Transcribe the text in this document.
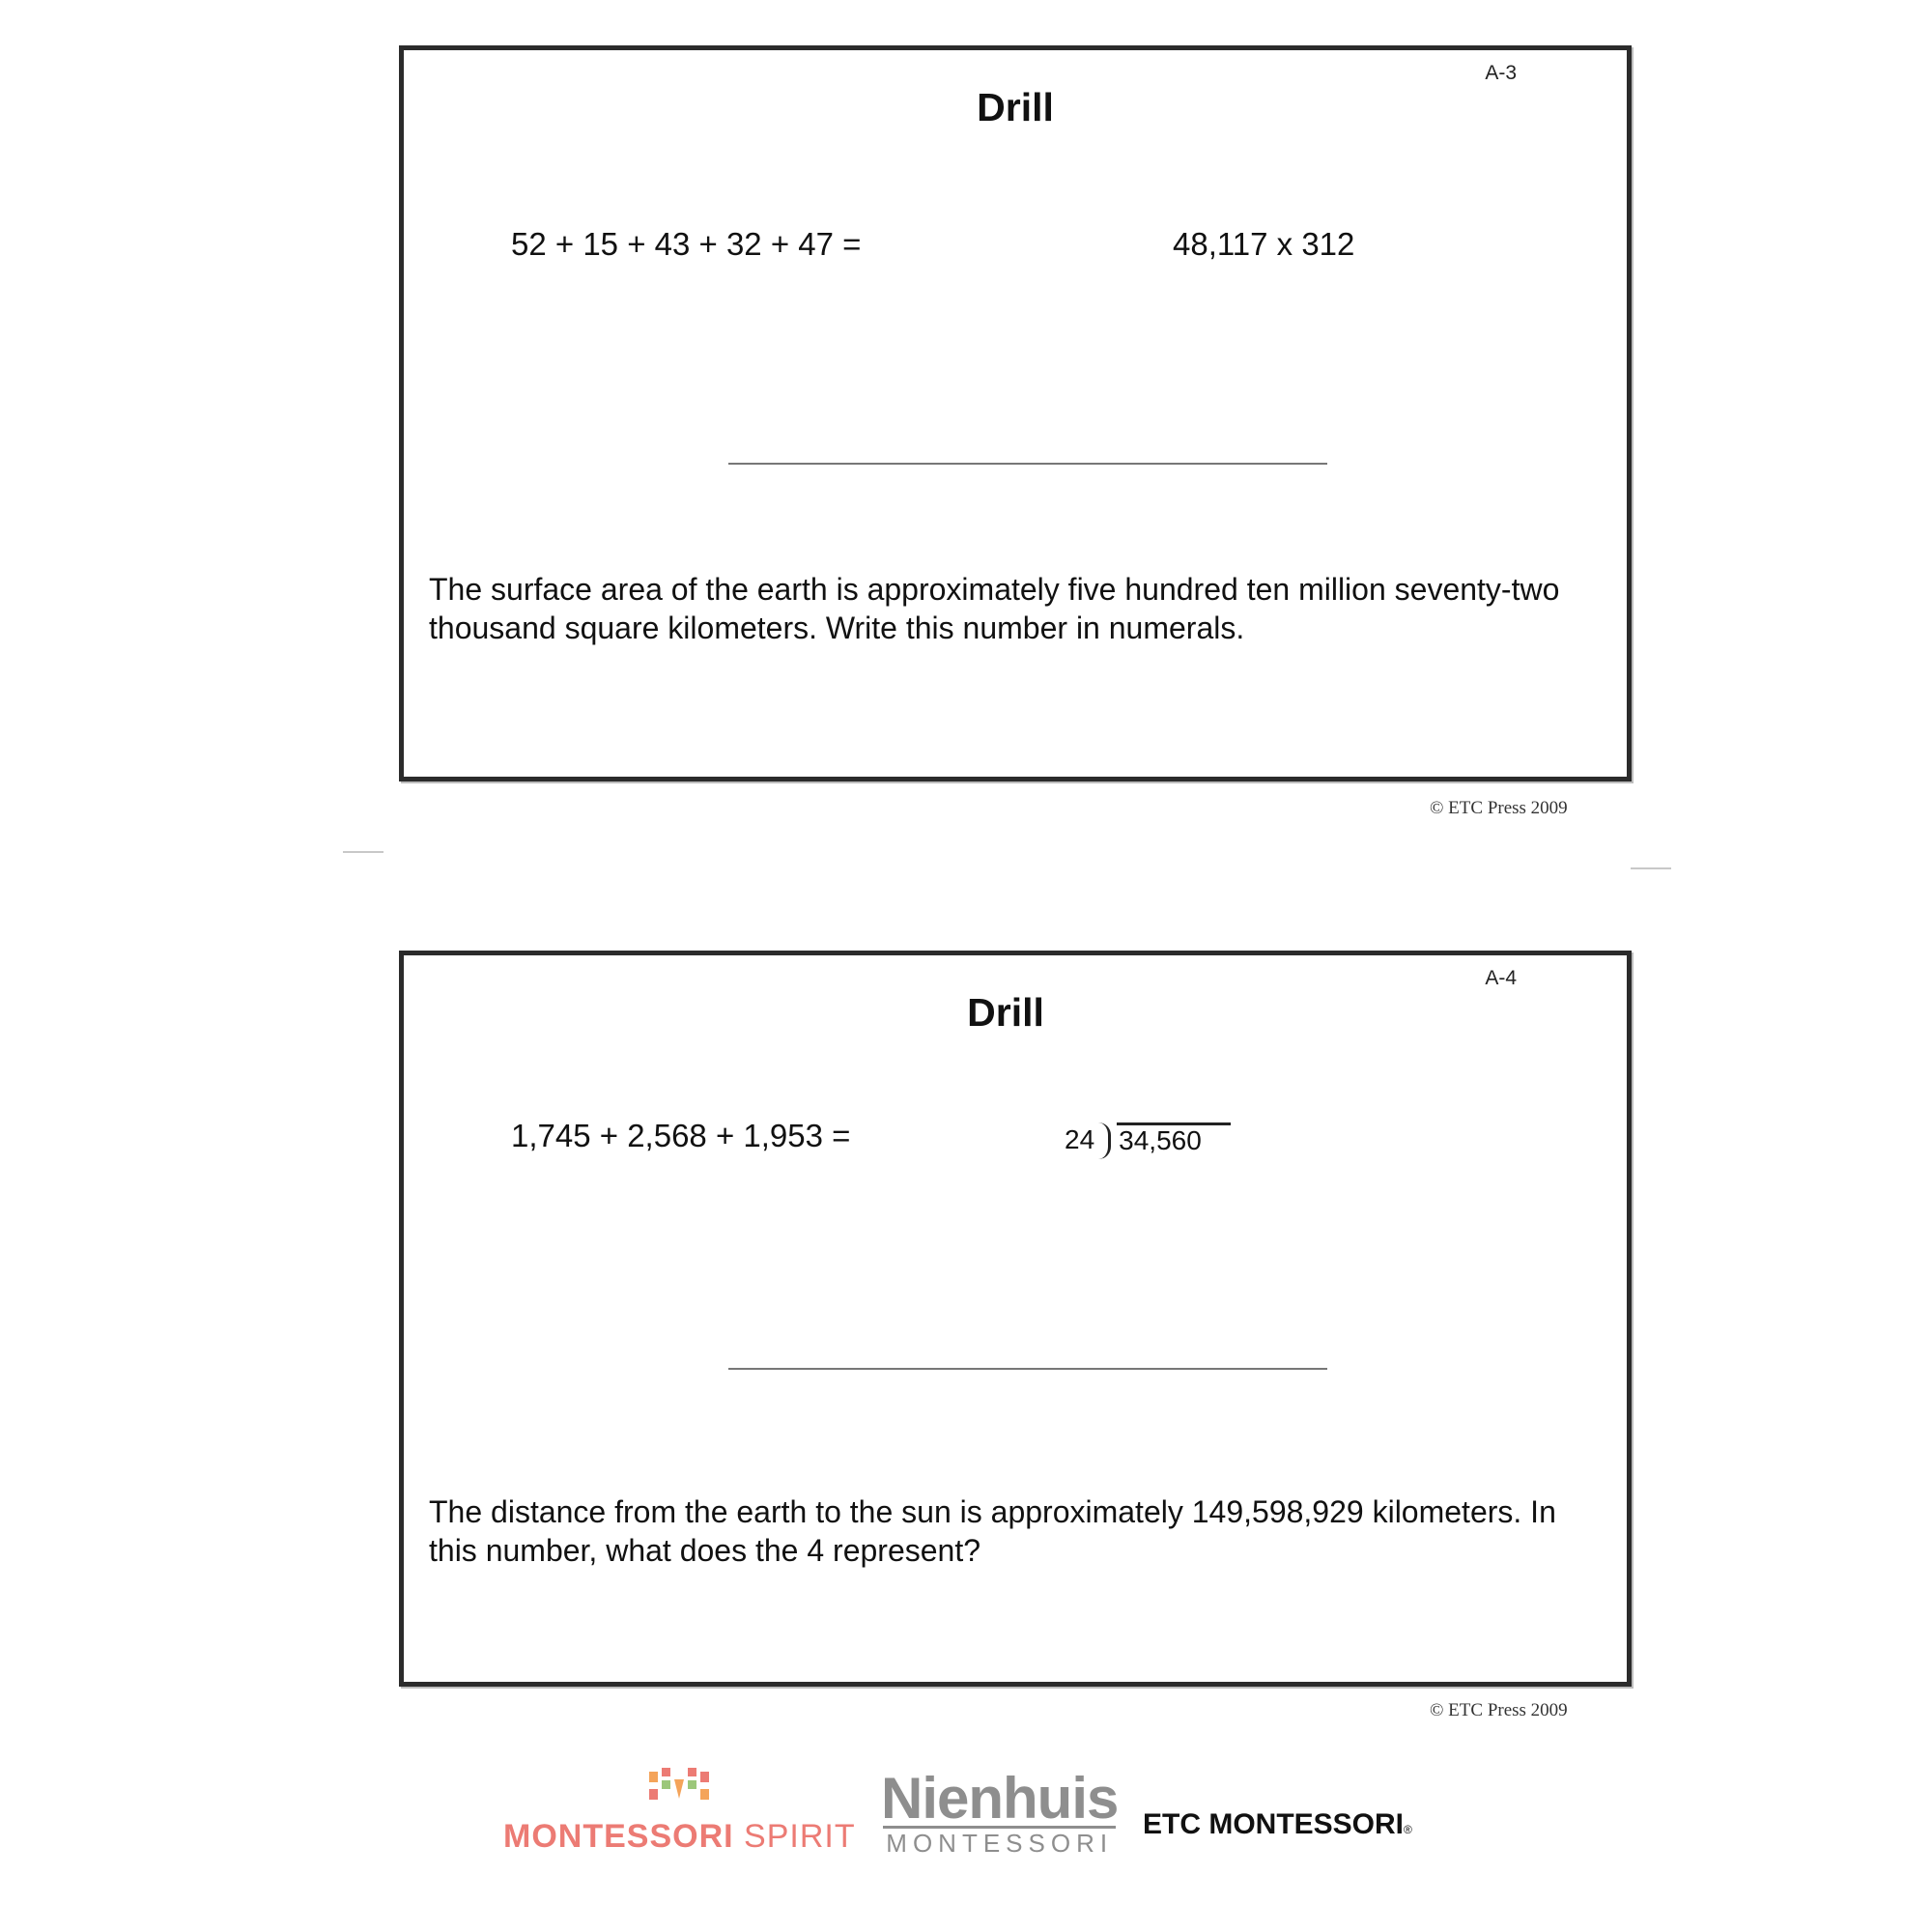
A-3
Drill
52 + 15 + 43 + 32 + 47 =	48,117 x 312
The surface area of the earth is approximately five hundred ten million seventy-two thousand square kilometers. Write this number in numerals.
© ETC Press 2009
A-4
Drill
1,745 + 2,568 + 1,953 =	24 34,560
The distance from the earth to the sun is approximately 149,598,929 kilometers. In this number, what does the 4 represent?
© ETC Press 2009
MONTESSORI SPIRIT
Nienhuis
MONTESSORI
ETC MONTESSORI®
